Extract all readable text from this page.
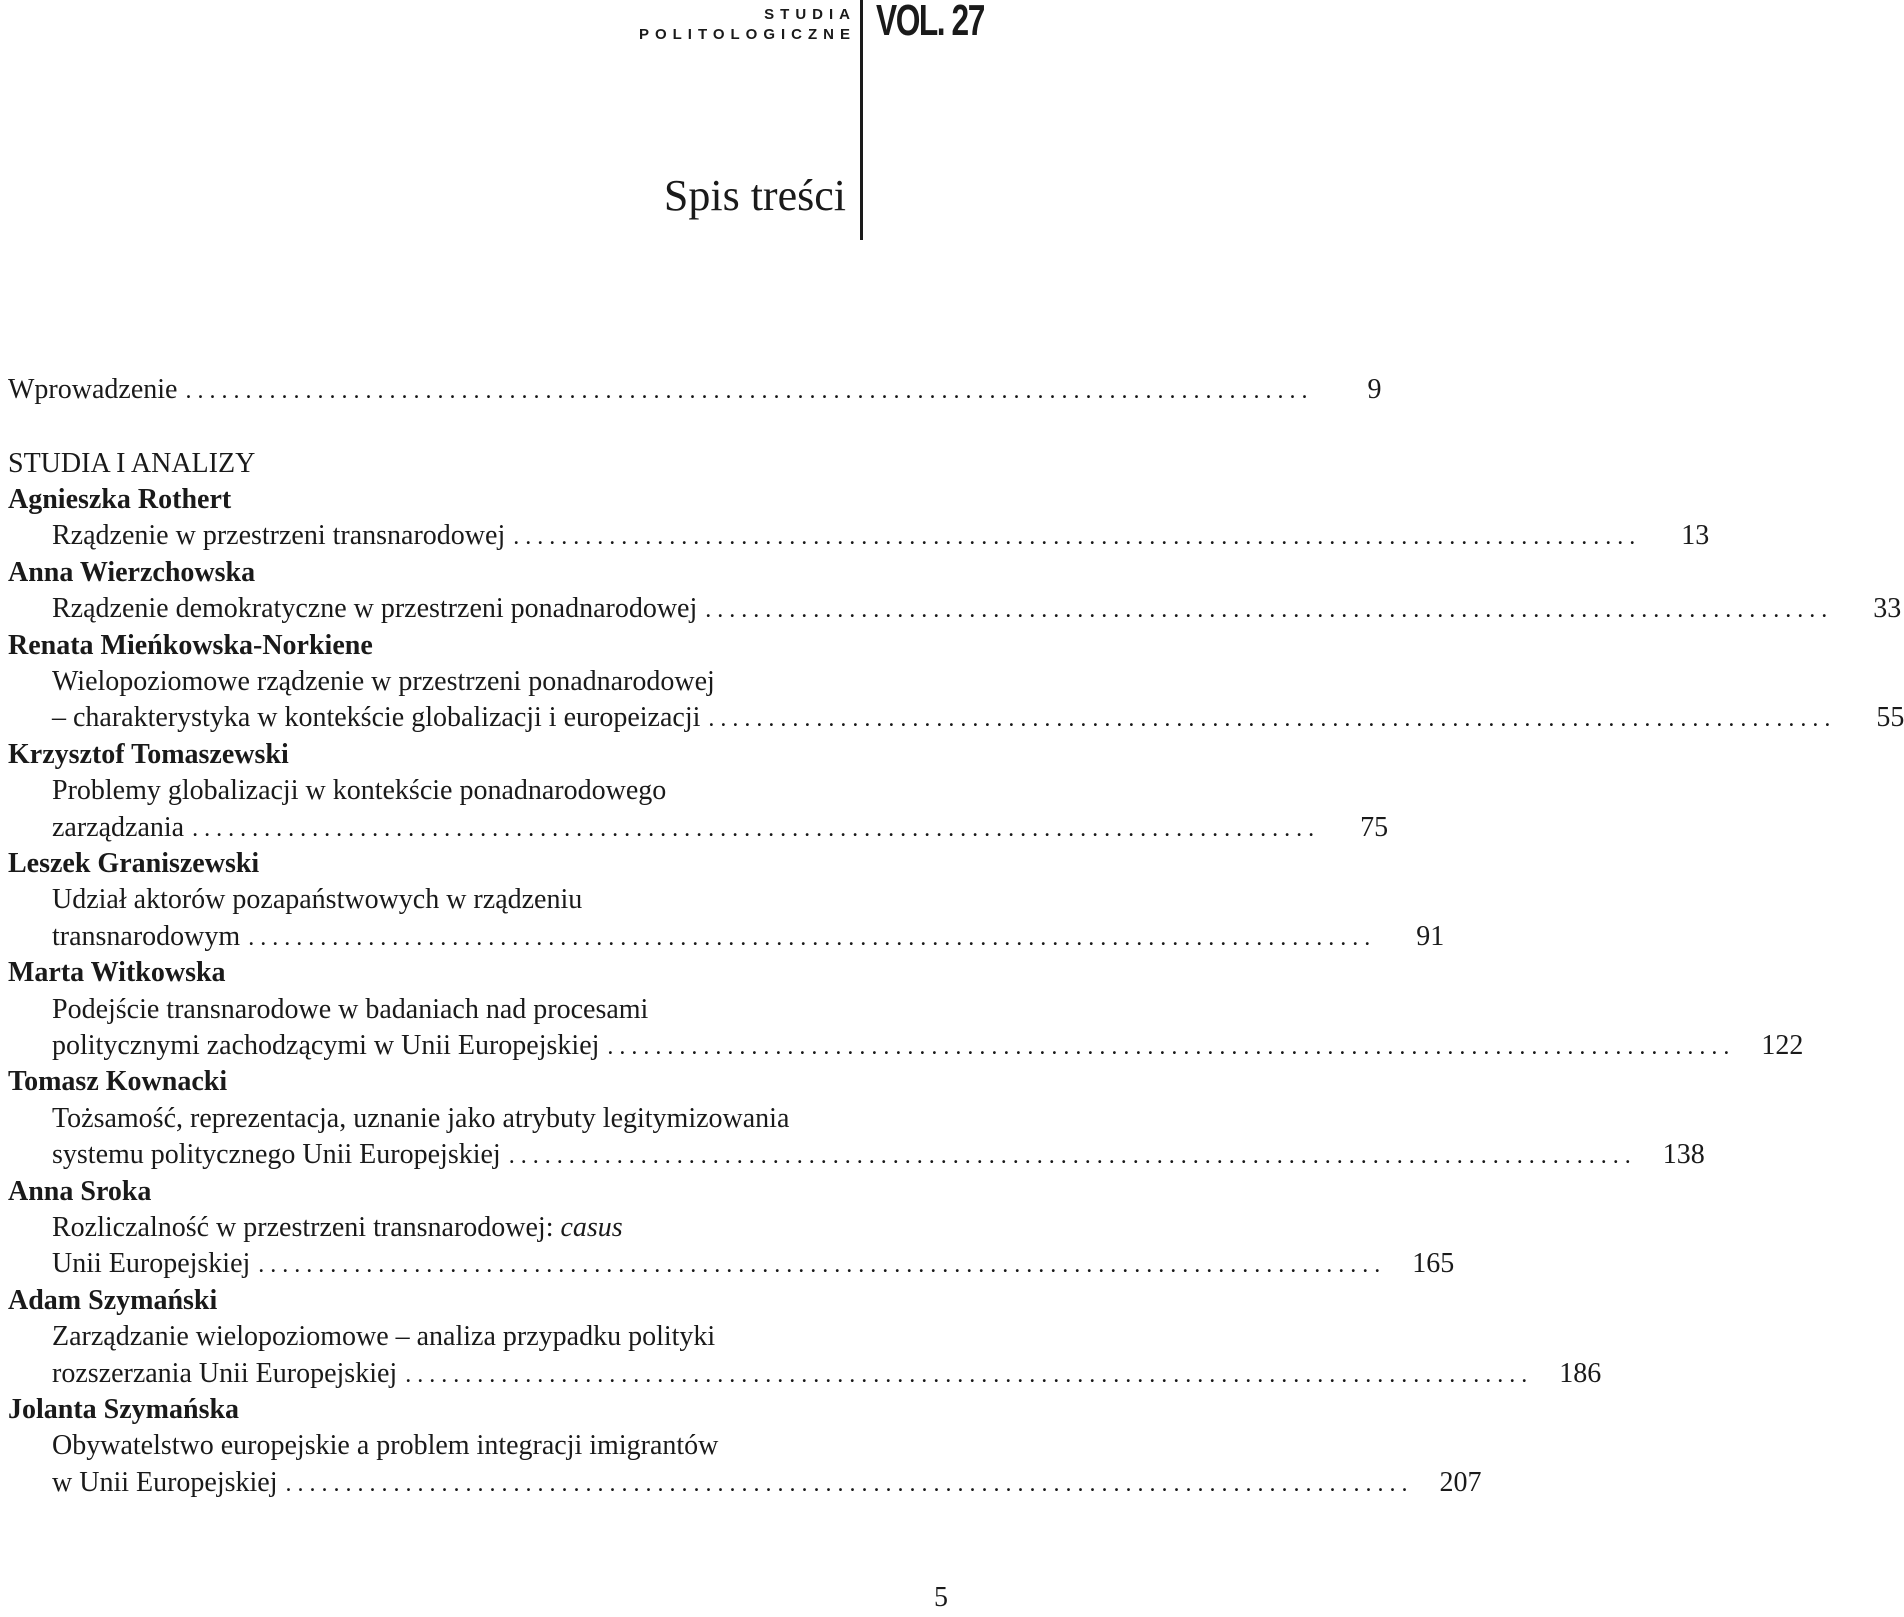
STUDIA
POLITOLOGICZNE VOL. 27
Spis treści
Wprowadzenie . . .	9
STUDIA I ANALIZY
Agnieszka Rothert
Rządzenie w przestrzeni transnarodowej . . .	13
Anna Wierzchowska
Rządzenie demokratyczne w przestrzeni ponadnarodowej . . .	33
Renata Mieńkowska-Norkiene
Wielopoziomowe rządzenie w przestrzeni ponadnarodowej
– charakterystyka w kontekście globalizacji i europeizacji . . .	55
Krzysztof Tomaszewski
Problemy globalizacji w kontekście ponadnarodowego
zarządzania . . .	75
Leszek Graniszewski
Udział aktorów pozapaństwowych w rządzeniu
transnarodowym . . .	91
Marta Witkowska
Podejście transnarodowe w badaniach nad procesami
politycznymi zachodzącymi w Unii Europejskiej . . .	122
Tomasz Kownacki
Tożsamość, reprezentacja, uznanie jako atrybuty legitymizowania
systemu politycznego Unii Europejskiej . . .	138
Anna Sroka
Rozliczalność w przestrzeni transnarodowej: casus
Unii Europejskiej . . .	165
Adam Szymański
Zarządzanie wielopoziomowe – analiza przypadku polityki
rozszerzania Unii Europejskiej . . .	186
Jolanta Szymańska
Obywatelstwo europejskie a problem integracji imigrantów
w Unii Europejskiej . . .	207
5
